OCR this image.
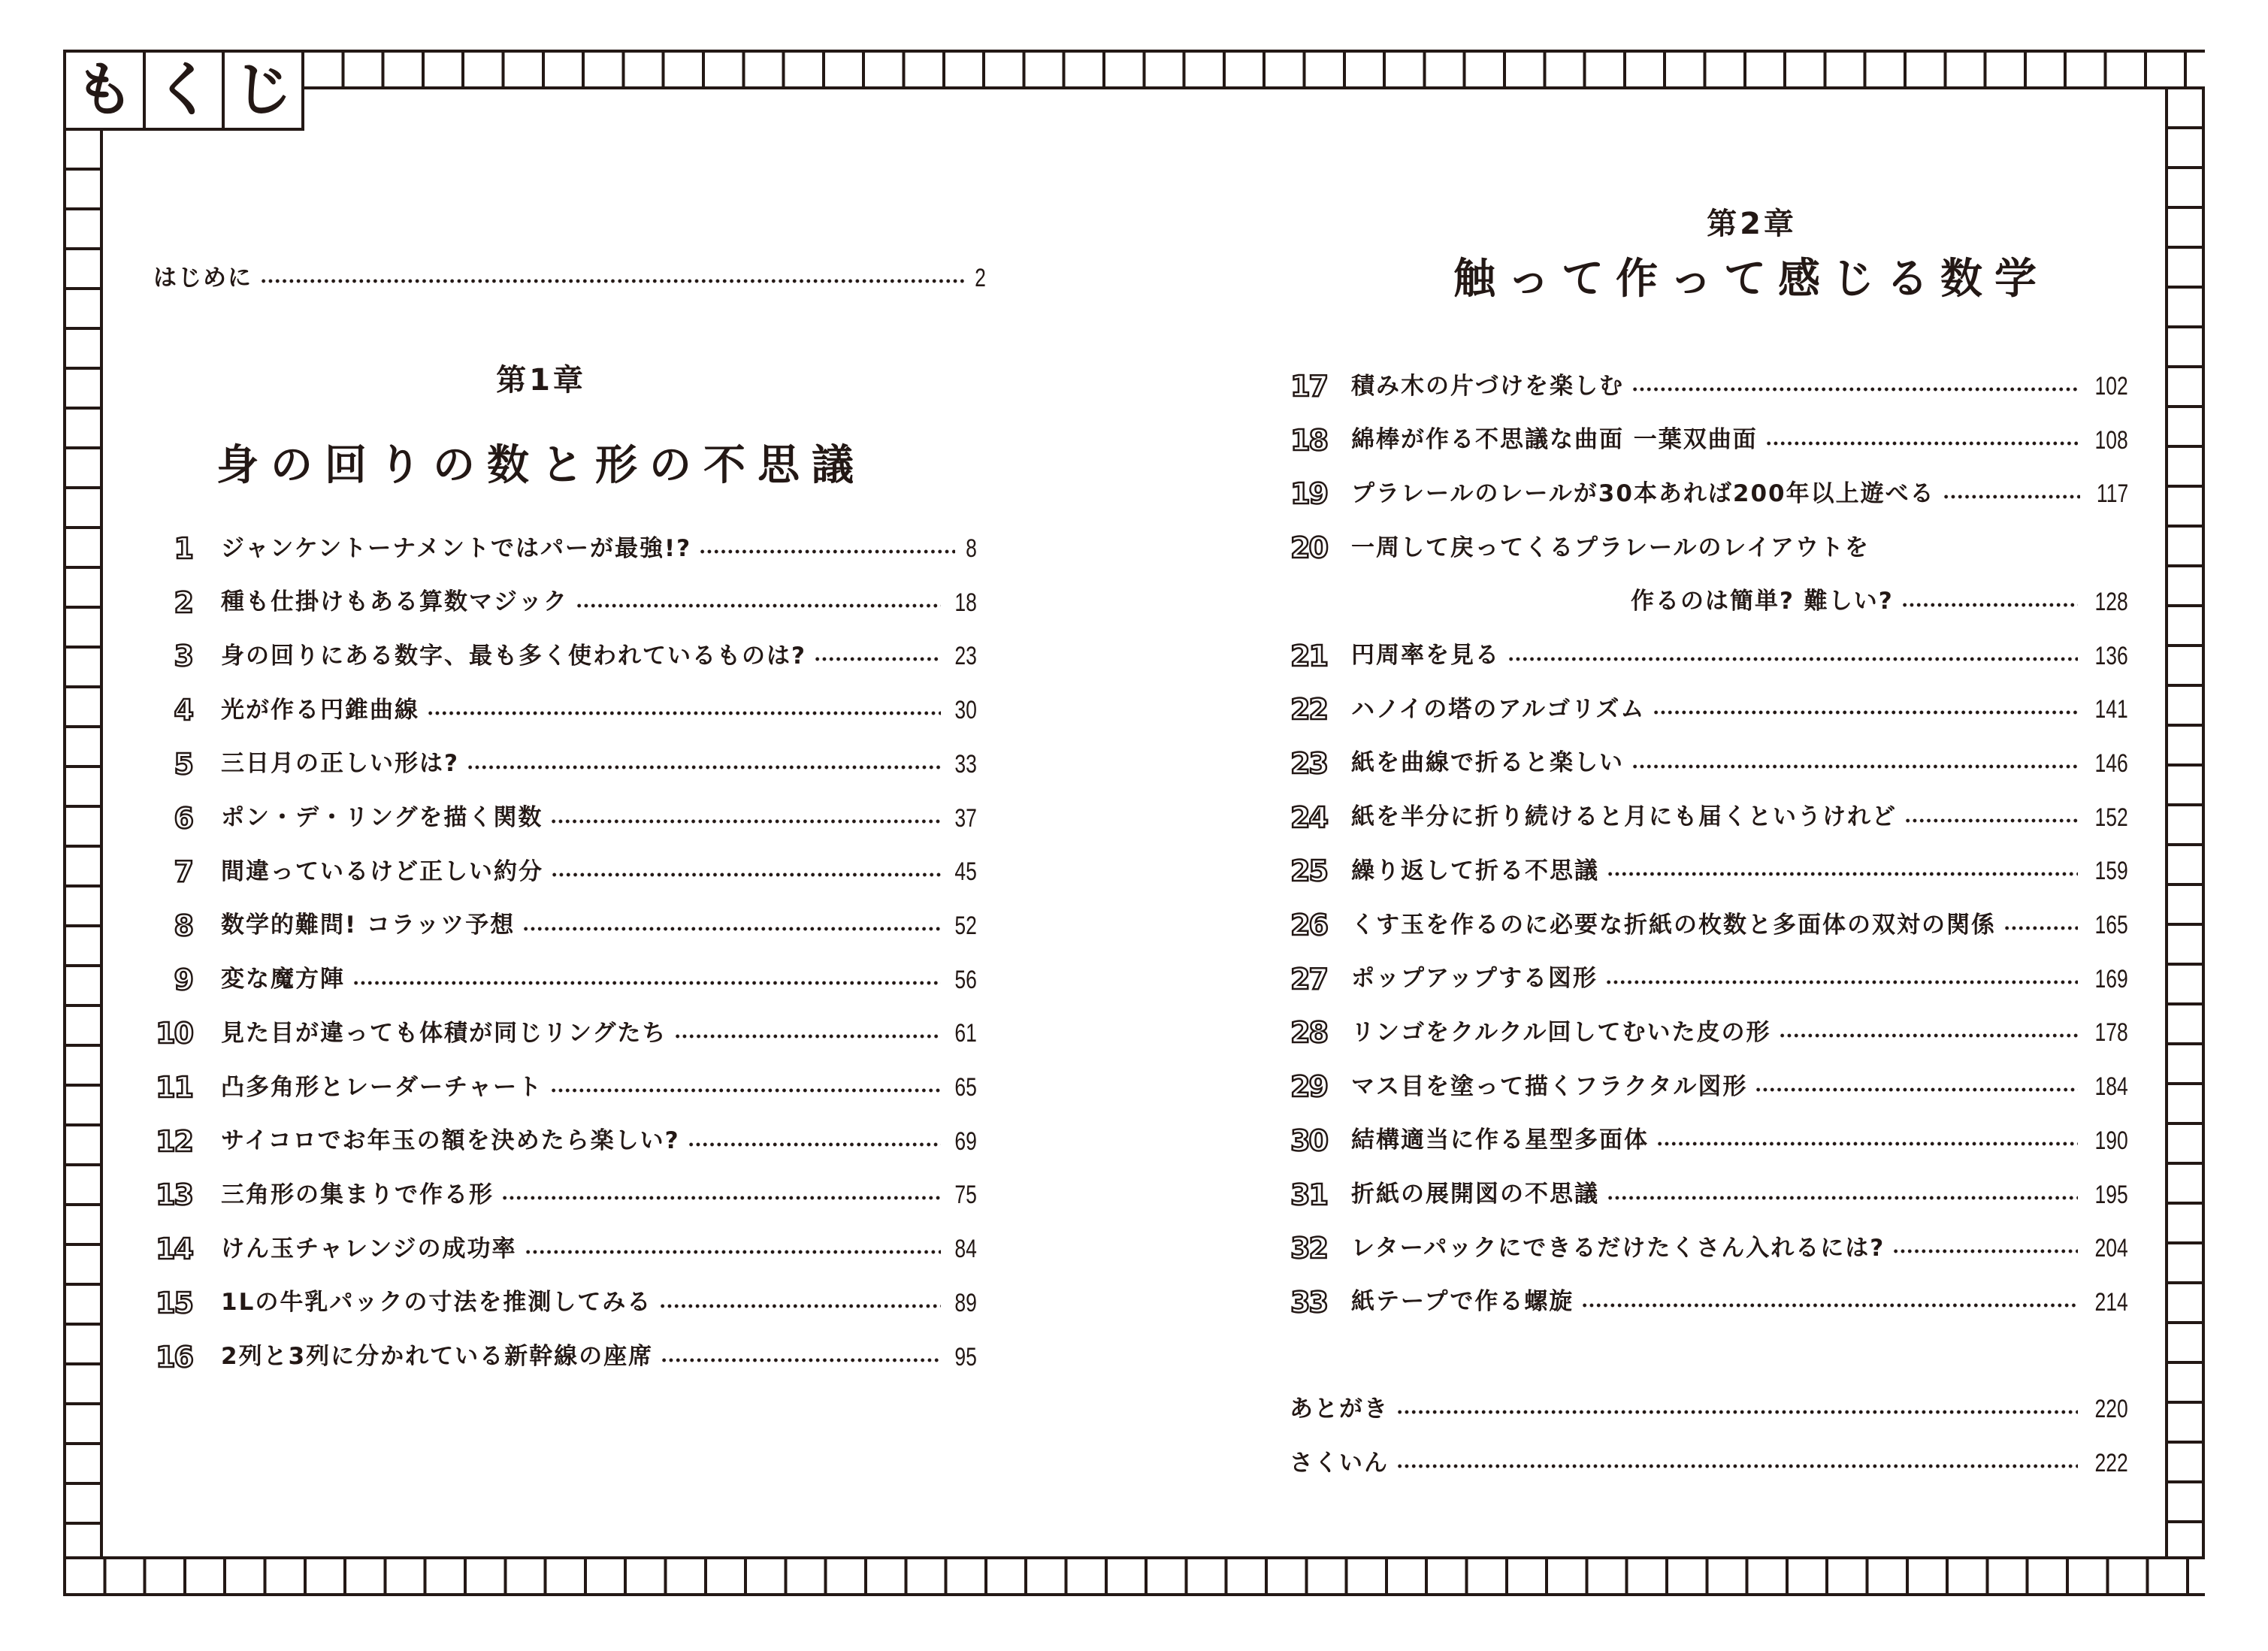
も く じ
はじめに	2
第1章
身の回りの数と形の不思議
1 ジャンケントーナメントではパーが最強!?	8
2 種も仕掛けもある算数マジック	18
3 身の回りにある数字、最も多く使われているものは?	23
4 光が作る円錐曲線	30
5 三日月の正しい形は?	33
6 ポン・デ・リングを描く関数	37
7 間違っているけど正しい約分	45
8 数学的難問! コラッツ予想	52
9 変な魔方陣	56
10 見た目が違っても体積が同じリングたち	61
11 凸多角形とレーダーチャート	65
12 サイコロでお年玉の額を決めたら楽しい?	69
13 三角形の集まりで作る形	75
14 けん玉チャレンジの成功率	84
15 1Lの牛乳パックの寸法を推測してみる	89
16 2列と3列に分かれている新幹線の座席	95
第2章
触って作って感じる数学
17 積み木の片づけを楽しむ	102
18 綿棒が作る不思議な曲面 一葉双曲面	108
19 プラレールのレールが30本あれば200年以上遊べる	117
20 一周して戻ってくるプラレールのレイアウトを
作るのは簡単? 難しい?	128
21 円周率を見る	136
22 ハノイの塔のアルゴリズム	141
23 紙を曲線で折ると楽しい	146
24 紙を半分に折り続けると月にも届くというけれど	152
25 繰り返して折る不思議	159
26 くす玉を作るのに必要な折紙の枚数と多面体の双対の関係	165
27 ポップアップする図形	169
28 リンゴをクルクル回してむいた皮の形	178
29 マス目を塗って描くフラクタル図形	184
30 結構適当に作る星型多面体	190
31 折紙の展開図の不思議	195
32 レターパックにできるだけたくさん入れるには?	204
33 紙テープで作る螺旋	214
あとがき	220
さくいん	222
